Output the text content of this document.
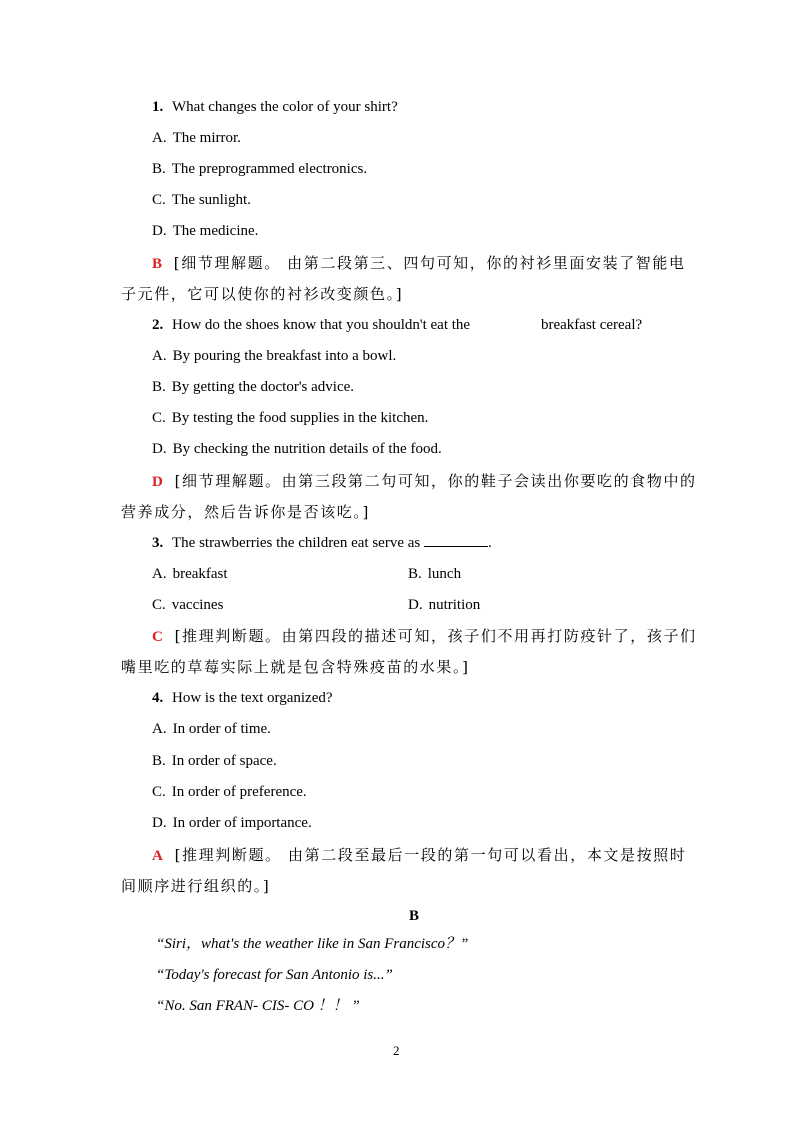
1. What changes the color of your shirt?
A. The mirror.
B. The preprogrammed electronics.
C. The sunlight.
D. The medicine.
B [细节理解题。 由第二段第三、四句可知，你的衬衫里面安装了智能电
子元件，它可以使你的衬衫改变颜色。]
2. How do the shoes know that you shouldn't eat the	breakfast cereal?
A. By pouring the breakfast into a bowl.
B. By getting the doctor's advice.
C. By testing the food supplies in the kitchen.
D. By checking the nutrition details of the food.
D [细节理解题。由第三段第二句可知，你的鞋子会读出你要吃的食物中的
营养成分，然后告诉你是否该吃。]
3. The strawberries the children eat serve as	.
A. breakfast	B. lunch
C. vaccines	D. nutrition
C [推理判断题。由第四段的描述可知，孩子们不用再打防疫针了，孩子们
嘴里吃的草莓实际上就是包含特殊疫苗的水果。]
4. How is the text organized?
A. In order of time.
B. In order of space.
C. In order of preference.
D. In order of importance.
A [推理判断题。 由第二段至最后一段的第一句可以看出，本文是按照时
间顺序进行组织的。]
B
“Siri，what's the weather like in San Francisco？”
“Today's forecast for San Antonio is...”
“No. San FRAN- CIS- CO ！！ ”
2
